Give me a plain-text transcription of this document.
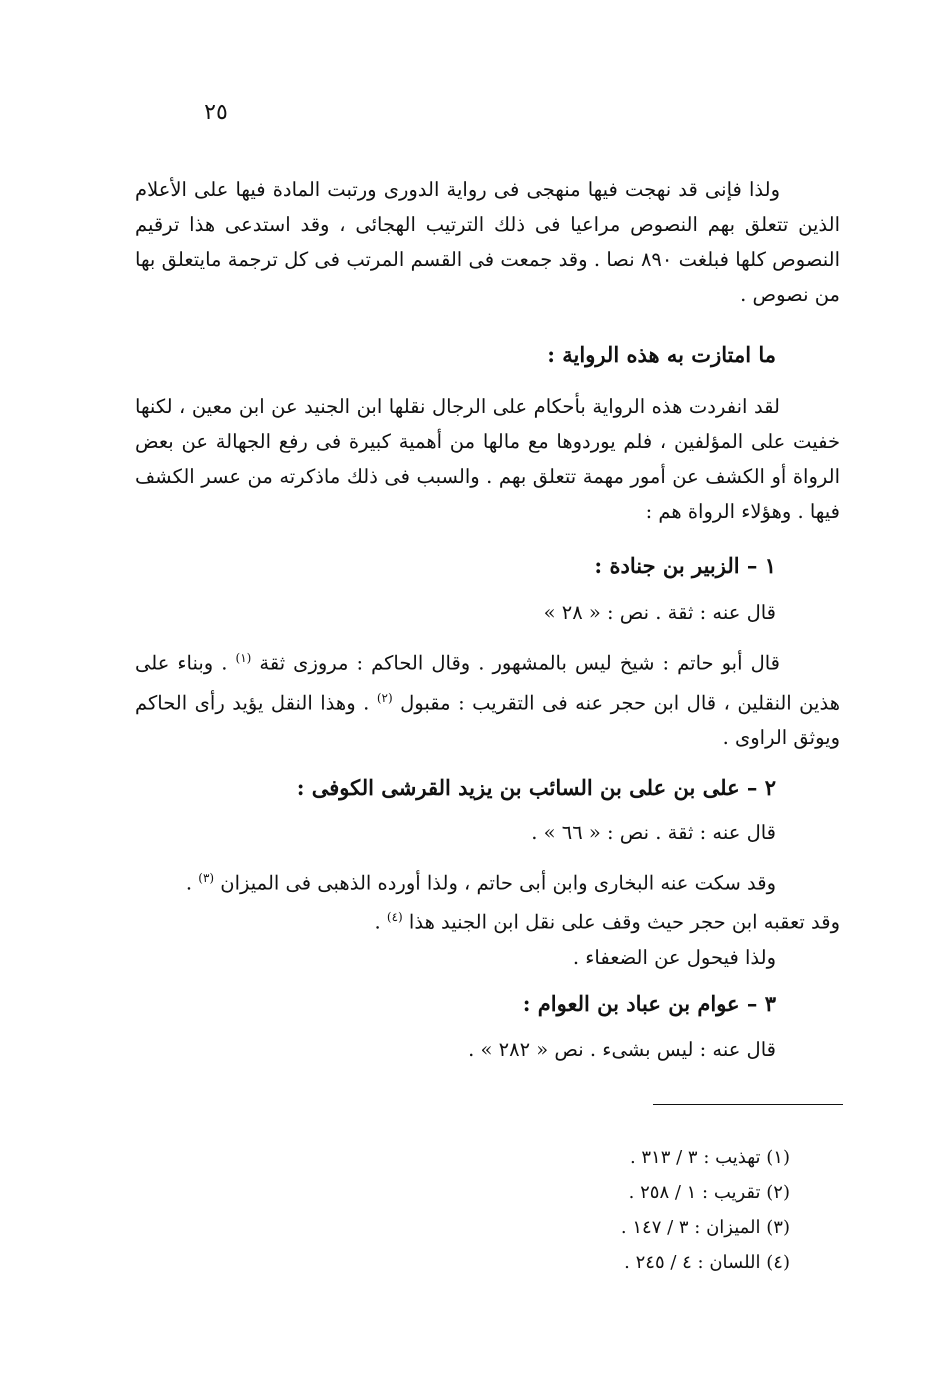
٢٥

ولذا فإنى قد نهجت فيها منهجى فى رواية الدورى ورتبت المادة فيها على الأعلام الذين تتعلق بهم النصوص مراعيا فى ذلك الترتيب الهجائى ، وقد استدعى هذا ترقيم النصوص كلها فبلغت ٨٩٠ نصا . وقد جمعت فى القسم المرتب فى كل ترجمة مايتعلق بها من نصوص .

ما امتازت به هذه الرواية :

لقد انفردت هذه الرواية بأحكام على الرجال نقلها ابن الجنيد عن ابن معين ، لكنها خفيت على المؤلفين ، فلم يوردوها مع مالها من أهمية كبيرة فى رفع الجهالة عن بعض الرواة أو الكشف عن أمور مهمة تتعلق بهم . والسبب فى ذلك ماذكرته من عسر الكشف فيها . وهؤلاء الرواة هم :

١ – الزبير بن جنادة :
قال عنه : ثقة . نص : « ٢٨ »

قال أبو حاتم : شيخ ليس بالمشهور . وقال الحاكم : مروزى ثقة $^{(١)}$ . وبناء على هذين النقلين ، قال ابن حجر عنه فى التقريب : مقبول $^{(٢)}$ . وهذا النقل يؤيد رأى الحاكم ويوثق الراوى .

٢ – على بن على بن السائب بن يزيد القرشى الكوفى :
قال عنه : ثقة . نص : « ٦٦ » .
وقد سكت عنه البخارى وابن أبى حاتم ، ولذا أورده الذهبى فى الميزان $^{(٣)}$ .
وقد تعقبه ابن حجر حيث وقف على نقل ابن الجنيد هذا $^{(٤)}$ .
ولذا فيحول عن الضعفاء .
٣ – عوام بن عباد بن العوام :
قال عنه : ليس بشىء . نص « ٢٨٢ » .
(١) تهذيب : ٣ / ٣١٣ .
(٢) تقريب : ١ / ٢٥٨ .
(٣) الميزان : ٣ / ١٤٧ .
(٤) اللسان : ٤ / ٢٤٥ .
